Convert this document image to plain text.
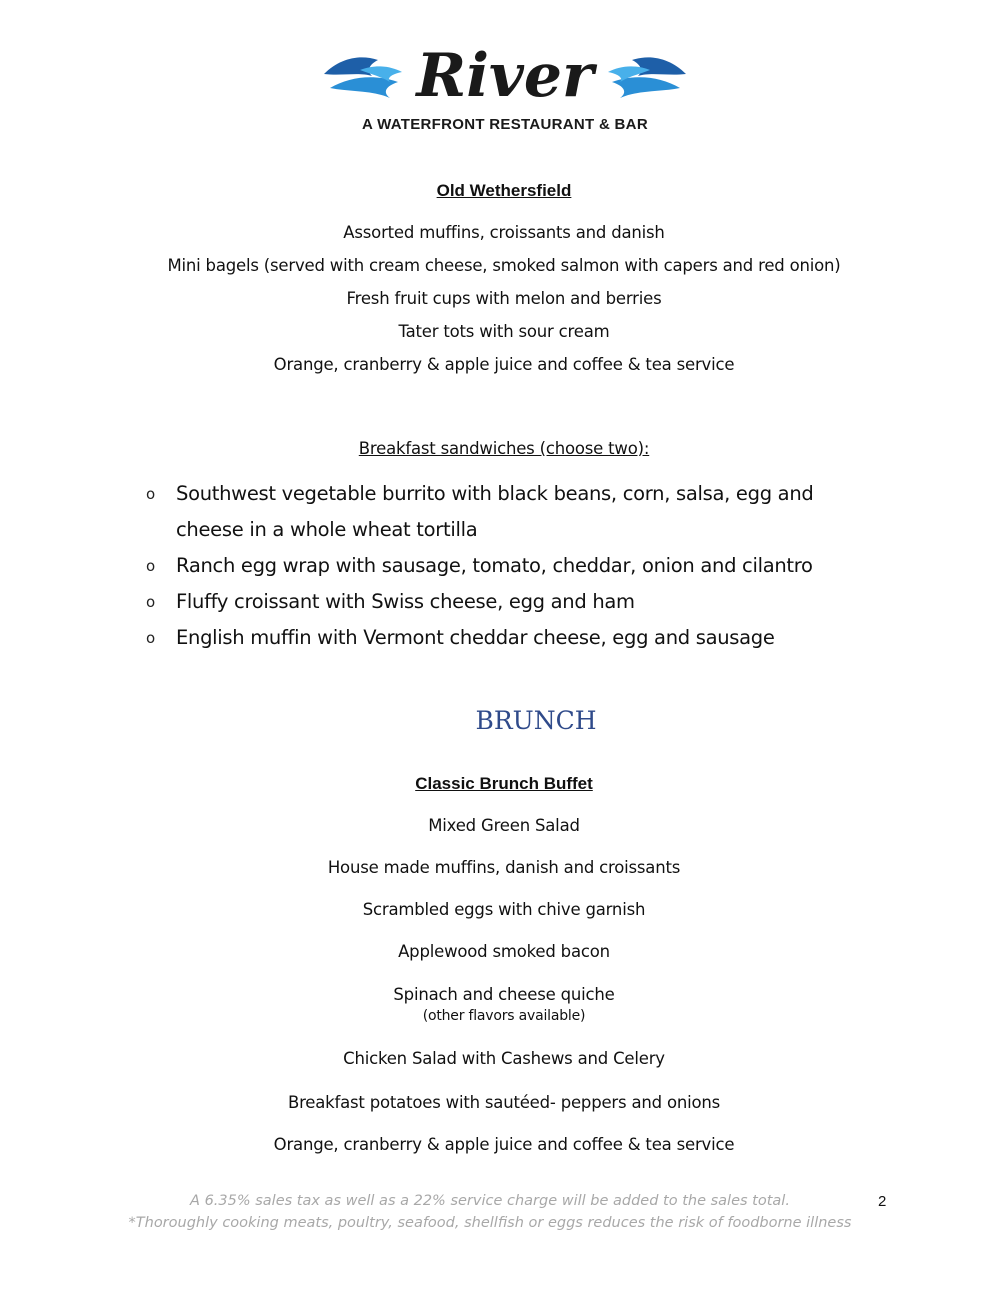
River
A WATERFRONT RESTAURANT & BAR
Old Wethersfield
Assorted muffins, croissants and danish
Mini bagels (served with cream cheese, smoked salmon with capers and red onion)
Fresh fruit cups with melon and berries
Tater tots with sour cream
Orange, cranberry & apple juice and coffee & tea service
Breakfast sandwiches (choose two):
o Southwest vegetable burrito with black beans, corn, salsa, egg and cheese in a whole wheat tortilla
o Ranch egg wrap with sausage, tomato, cheddar, onion and cilantro
o Fluffy croissant with Swiss cheese, egg and ham
o English muffin with Vermont cheddar cheese, egg and sausage
BRUNCH
Classic Brunch Buffet
Mixed Green Salad
House made muffins, danish and croissants
Scrambled eggs with chive garnish
Applewood smoked bacon
Spinach and cheese quiche
(other flavors available)
Chicken Salad with Cashews and Celery
Breakfast potatoes with sautéed- peppers and onions
Orange, cranberry & apple juice and coffee & tea service
A 6.35% sales tax as well as a 22% service charge will be added to the sales total.
*Thoroughly cooking meats, poultry, seafood, shellfish or eggs reduces the risk of foodborne illness
2
